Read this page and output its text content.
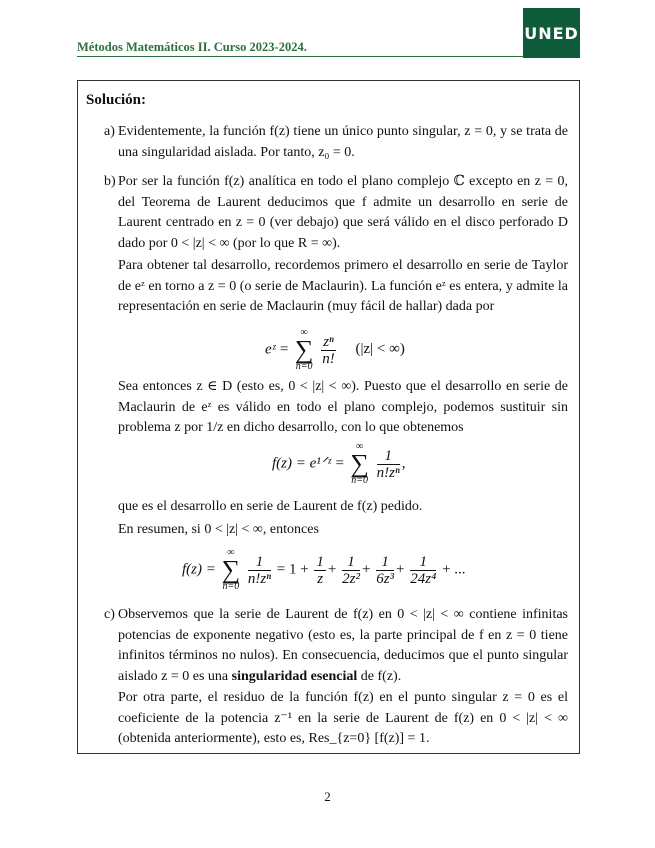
Métodos Matemáticos II. Curso 2023-2024.
UNED
Solución:
a) Evidentemente, la función f(z) tiene un único punto singular, z = 0, y se trata de una singularidad aislada. Por tanto, z₀ = 0.
b) Por ser la función f(z) analítica en todo el plano complejo ℂ excepto en z = 0, del Teorema de Laurent deducimos que f admite un desarrollo en serie de Laurent centrado en z = 0 (ver debajo) que será válido en el disco perforado D dado por 0 < |z| < ∞ (por lo que R = ∞).
Para obtener tal desarrollo, recordemos primero el desarrollo en serie de Taylor de eᶻ en torno a z = 0 (o serie de Maclaurin). La función eᶻ es entera, y admite la representación en serie de Maclaurin (muy fácil de hallar) dada por
eᶻ =
∞
∑
n=0
$\frac{\text{zⁿ}}{n!} (|z|$ < ∞)
Sea entonces z ∈ D (esto es, 0 < |z| < ∞). Puesto que el desarrollo en serie de Maclaurin de eᶻ es válido en todo el plano complejo, podemos sustituir sin problema z por 1/z en dicho desarrollo, con lo que obtenemos
f(z) = e¹ᐟᶻ =
∞
∑
n=0
$\frac{1}{\text{n!zⁿ}}$ ,
que es el desarrollo en serie de Laurent de f(z) pedido.
En resumen, si 0 < |z| < ∞, entonces
f(z) =
∞
∑
n=0
$\frac{1}{\text{n!zⁿ}} = 1 + \frac{1}{z} + \frac{1}{\text{2z²}} + \frac{1}{\text{6z³}} + \frac{1}{\text{24z⁴}}$ + ...
c) Observemos que la serie de Laurent de f(z) en 0 < |z| < ∞ contiene infinitas potencias de exponente negativo (esto es, la parte principal de f en z = 0 tiene infinitos términos no nulos). En consecuencia, deducimos que el punto singular aislado z = 0 es una singularidad esencial de f(z).
Por otra parte, el residuo de la función f(z) en el punto singular z = 0 es el coeficiente de la potencia z⁻¹ en la serie de Laurent de f(z) en 0 < |z| < ∞ (obtenida anteriormente), esto es, Res_{z=0} [f(z)] = 1.
2
